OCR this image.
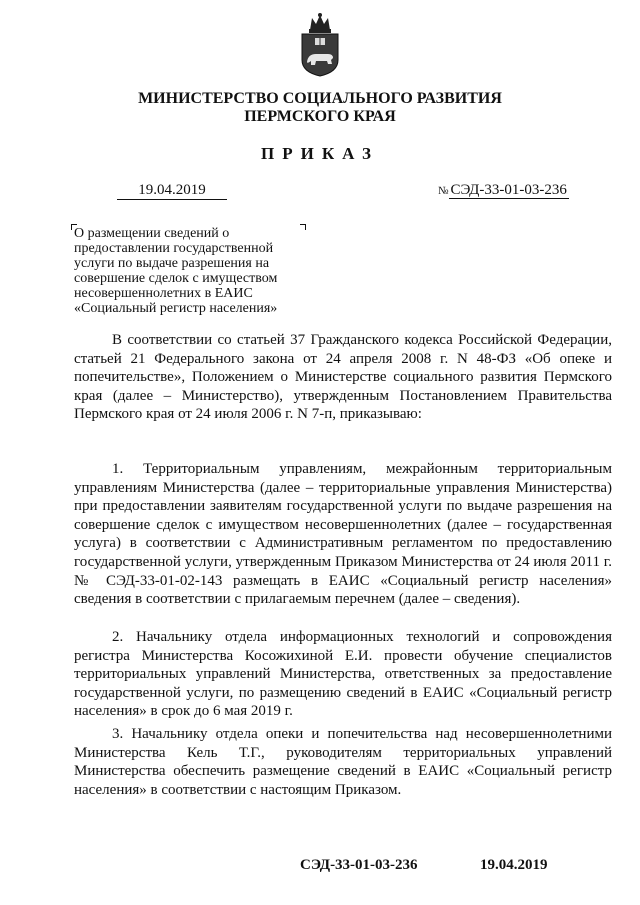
МИНИСТЕРСТВО СОЦИАЛЬНОГО РАЗВИТИЯ
ПЕРМСКОГО КРАЯ
ПРИКАЗ
19.04.2019	№ СЭД-33-01-03-236
О размещении сведений о предоставлении государственной услуги по выдаче разрешения на совершение сделок с имуществом несовершеннолетних в ЕАИС «Социальный регистр населения»
В соответствии со статьей 37 Гражданского кодекса Российской Федерации, статьей 21 Федерального закона от 24 апреля 2008 г. N 48-ФЗ «Об опеке и попечительстве», Положением о Министерстве социального развития Пермского края (далее – Министерство), утвержденным Постановлением Правительства Пермского края от 24 июля 2006 г. N 7-п, приказываю:
1. Территориальным управлениям, межрайонным территориальным управлениям Министерства (далее – территориальные управления Министерства) при предоставлении заявителям государственной услуги по выдаче разрешения на совершение сделок с имуществом несовершеннолетних (далее – государственная услуга) в соответствии с Административным регламентом по предоставлению государственной услуги, утвержденным Приказом Министерства от 24 июля 2011 г. № СЭД-33-01-02-143 размещать в ЕАИС «Социальный регистр населения» сведения в соответствии с прилагаемым перечнем (далее – сведения).
2. Начальнику отдела информационных технологий и сопровождения регистра Министерства Косожихиной Е.И. провести обучение специалистов территориальных управлений Министерства, ответственных за предоставление государственной услуги, по размещению сведений в ЕАИС «Социальный регистр населения» в срок до 6 мая 2019 г.
3. Начальнику отдела опеки и попечительства над несовершеннолетними Министерства Кель Т.Г., руководителям территориальных управлений Министерства обеспечить размещение сведений в ЕАИС «Социальный регистр населения» в соответствии с настоящим Приказом.
СЭД-33-01-03-236	19.04.2019
